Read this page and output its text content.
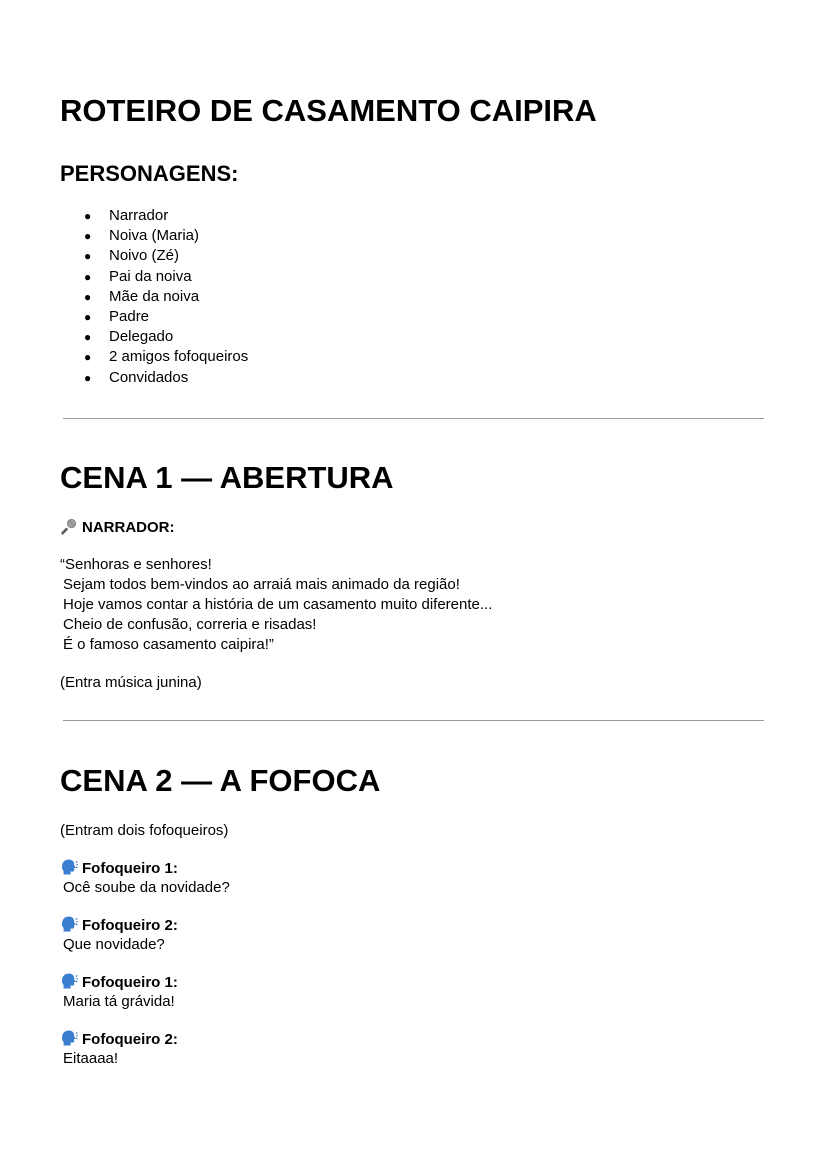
ROTEIRO DE CASAMENTO CAIPIRA
PERSONAGENS:
● Narrador
● Noiva (Maria)
● Noivo (Zé)
● Pai da noiva
● Mãe da noiva
● Padre
● Delegado
● 2 amigos fofoqueiros
● Convidados
CENA 1 — ABERTURA
NARRADOR:
“Senhoras e senhores!
Sejam todos bem-vindos ao arraiá mais animado da região!
Hoje vamos contar a história de um casamento muito diferente...
Cheio de confusão, correria e risadas!
É o famoso casamento caipira!”
(Entra música junina)
CENA 2 — A FOFOCA
(Entram dois fofoqueiros)
Fofoqueiro 1:
Ocê soube da novidade?
Fofoqueiro 2:
Que novidade?
Fofoqueiro 1:
Maria tá grávida!
Fofoqueiro 2:
Eitaaaa!
